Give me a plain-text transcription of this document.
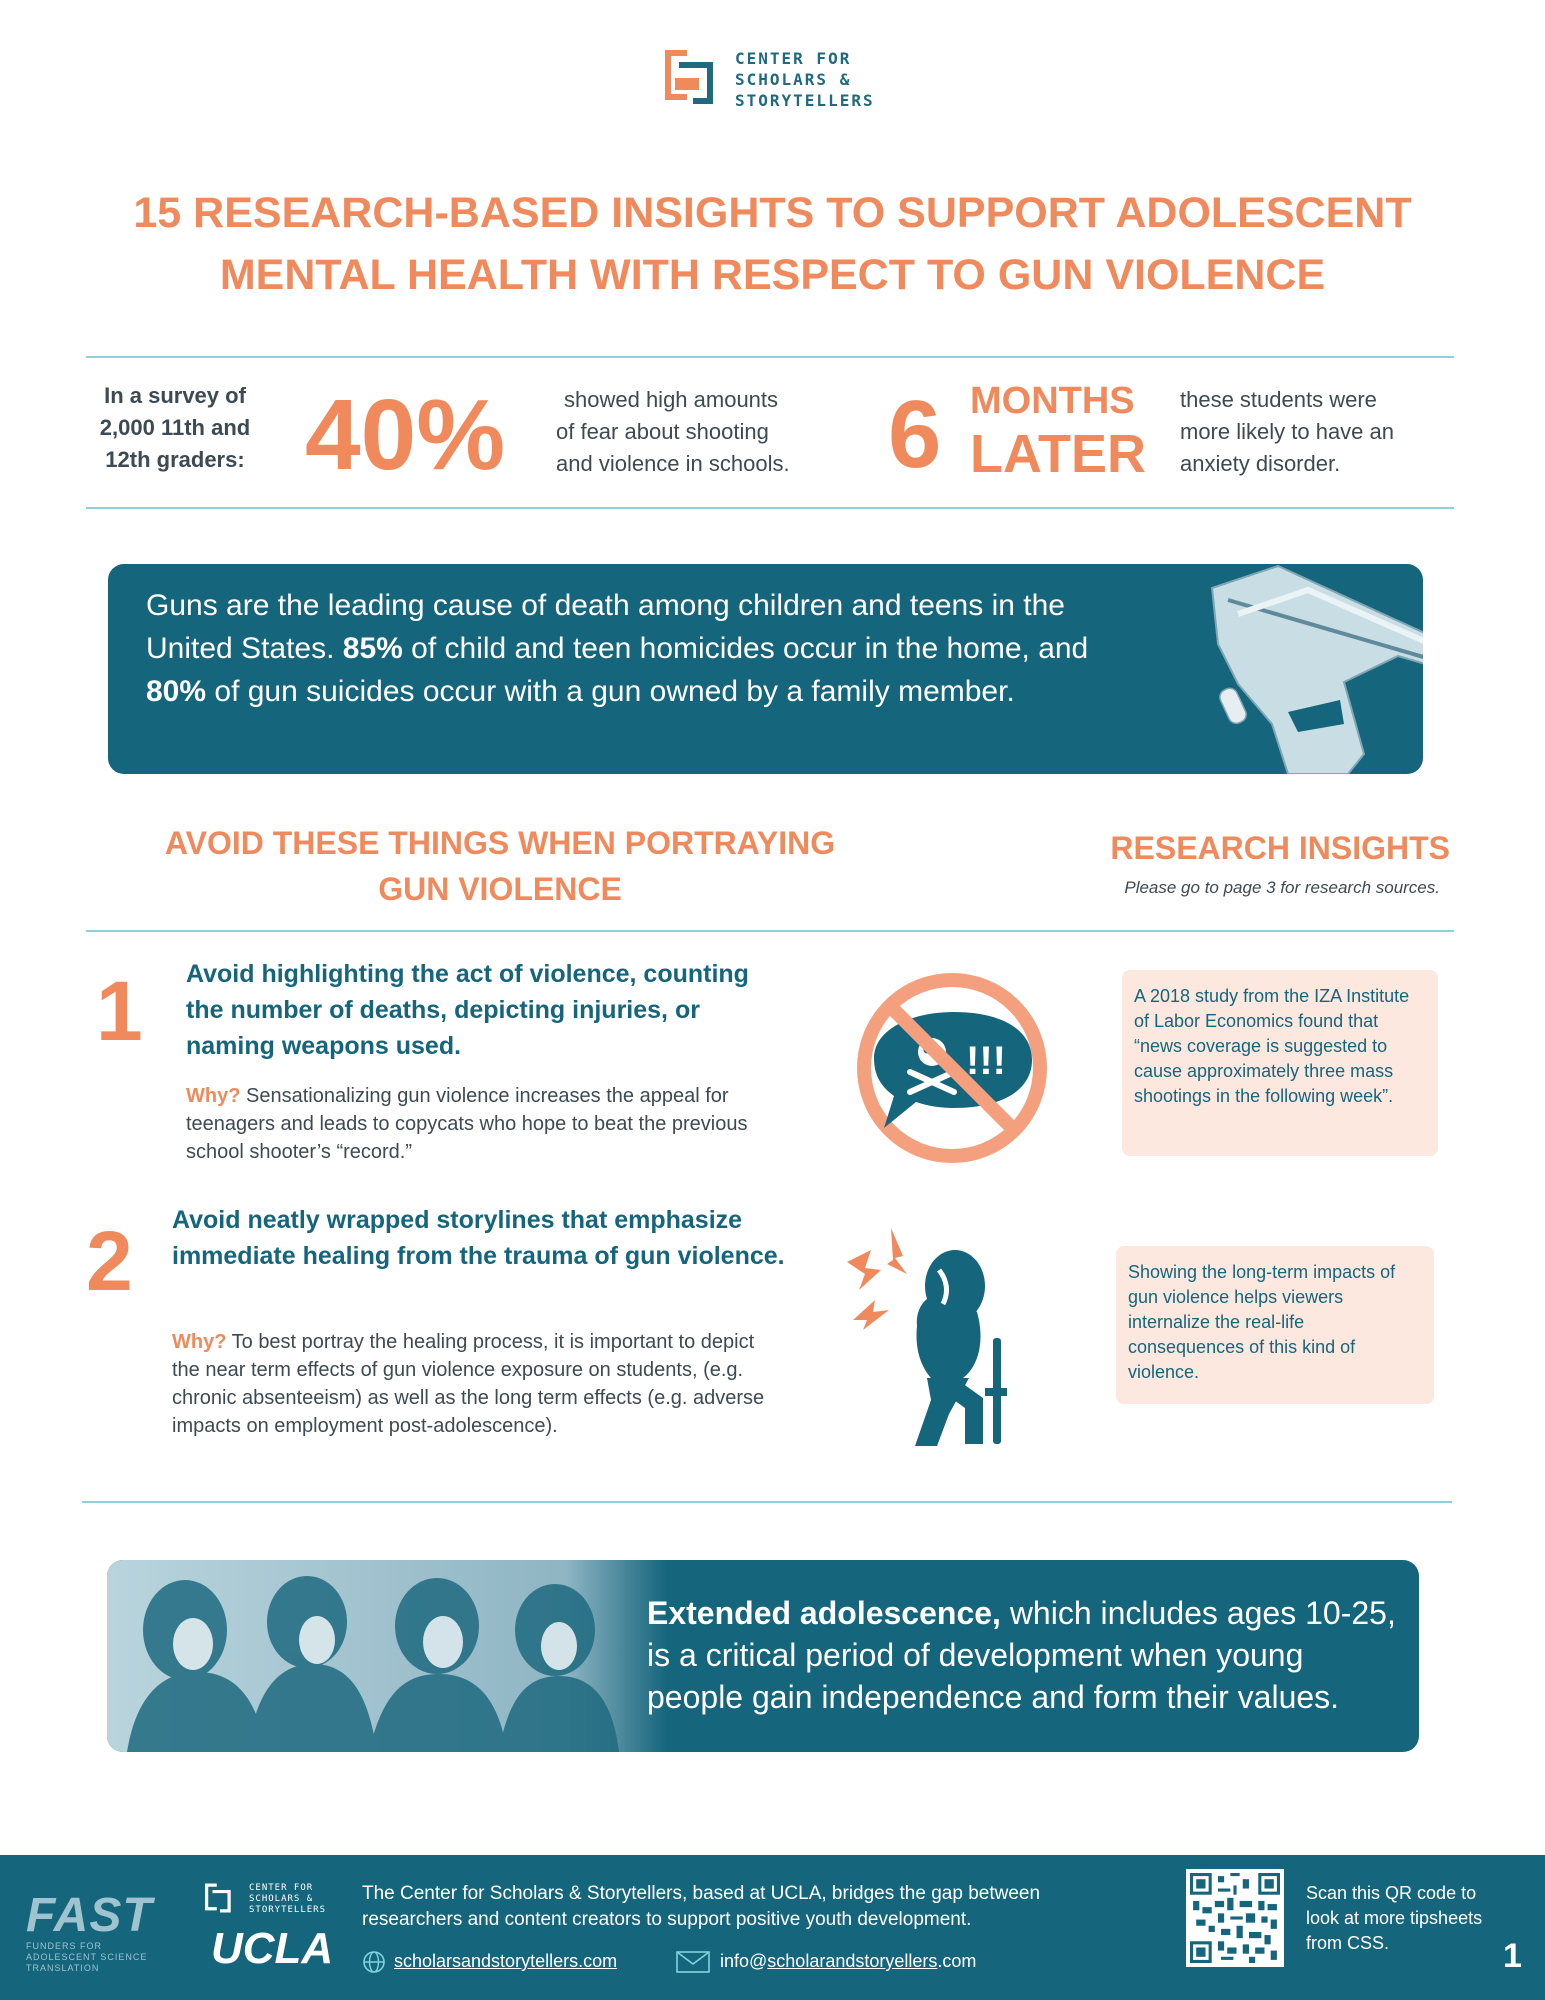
CENTER FOR
SCHOLARS &
STORYTELLERS
15 RESEARCH-BASED INSIGHTS TO SUPPORT ADOLESCENT
MENTAL HEALTH WITH RESPECT TO GUN VIOLENCE
In a survey of
2,000 11th and
12th graders: 40%	showed high amounts
of fear about shooting
and violence in schools.	6 MONTHS
LATER
these students were
more likely to have an
anxiety disorder.
Guns are the leading cause of death among children and teens in the United States. 85% of child and teen homicides occur in the home, and 80% of gun suicides occur with a gun owned by a family member.
AVOID THESE THINGS WHEN PORTRAYING
GUN VIOLENCE
RESEARCH INSIGHTS
Please go to page 3 for research sources.
1 Avoid highlighting the act of violence, counting the number of deaths, depicting injuries, or naming weapons used.
Why? Sensationalizing gun violence increases the appeal for teenagers and leads to copycats who hope to beat the previous school shooter’s “record.”
!!!
A 2018 study from the IZA Institute of Labor Economics found that “news coverage is suggested to cause approximately three mass shootings in the following week”.
2 Avoid neatly wrapped storylines that emphasize immediate healing from the trauma of gun violence.
Why? To best portray the healing process, it is important to depict the near term effects of gun violence exposure on students, (e.g. chronic absenteeism) as well as the long term effects (e.g. adverse impacts on employment post-adolescence).
Showing the long-term impacts of gun violence helps viewers internalize the real-life consequences of this kind of violence.
Extended adolescence, which includes ages 10-25, is a critical period of development when young people gain independence and form their values.
FAST
FUNDERS FOR ADOLESCENT SCIENCE TRANSLATION
CENTER FOR
SCHOLARS &
STORYTELLERS
UCLA
The Center for Scholars & Storytellers, based at UCLA, bridges the gap between researchers and content creators to support positive youth development.
scholarsandstorytellers.com	info@scholarandstoryellers.com
Scan this QR code to look at more tipsheets from CSS.	1
